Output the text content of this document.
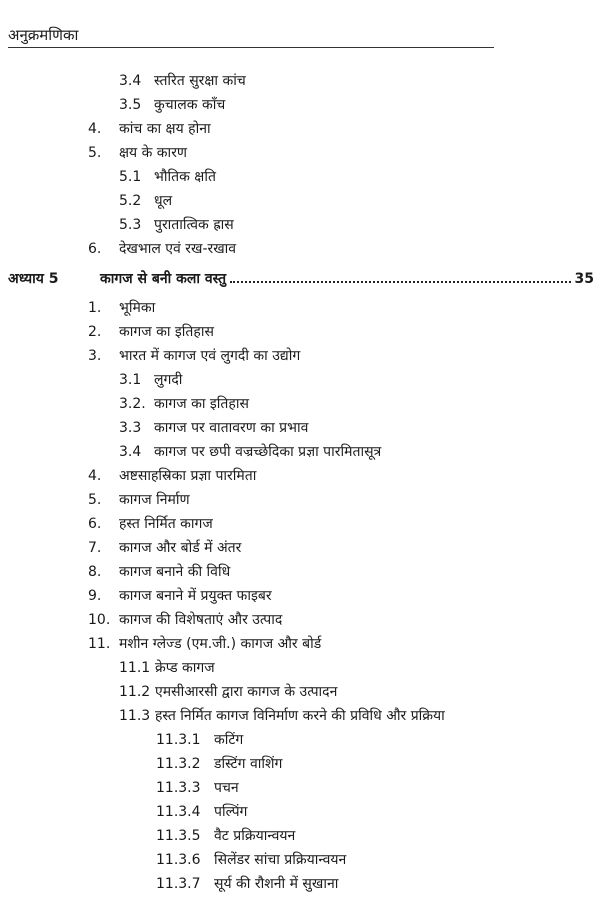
अनुक्रमणिका
3.4 स्तरित सुरक्षा कांच
3.5 कुचालक काँच
4. कांच का क्षय होना
5. क्षय के कारण
5.1 भौतिक क्षति
5.2 धूल
5.3 पुरातात्विक ह्रास
6. देखभाल एवं रख-रखाव
अध्याय 5	कागज से बनी कला वस्तु	35
1. भूमिका
2. कागज का इतिहास
3. भारत में कागज एवं लुगदी का उद्योग
3.1 लुगदी
3.2. कागज का इतिहास
3.3 कागज पर वातावरण का प्रभाव
3.4 कागज पर छपी वज्रच्छेदिका प्रज्ञा पारमितासूत्र
4. अष्टसाहस्रिका प्रज्ञा पारमिता
5. कागज निर्माण
6. हस्त निर्मित कागज
7. कागज और बोर्ड में अंतर
8. कागज बनाने की विधि
9. कागज बनाने में प्रयुक्त फाइबर
10. कागज की विशेषताएं और उत्पाद
11. मशीन ग्लेज्ड (एम.जी.) कागज और बोर्ड
11.1 क्रेप्ड कागज
11.2 एमसीआरसी द्वारा कागज के उत्पादन
11.3 हस्त निर्मित कागज विनिर्माण करने की प्रविधि और प्रक्रिया
11.3.1 कटिंग
11.3.2 डस्टिंग वाशिंग
11.3.3 पचन
11.3.4 पल्पिंग
11.3.5 वैट प्रक्रियान्वयन
11.3.6 सिलेंडर सांचा प्रक्रियान्वयन
11.3.7 सूर्य की रौशनी में सुखाना
